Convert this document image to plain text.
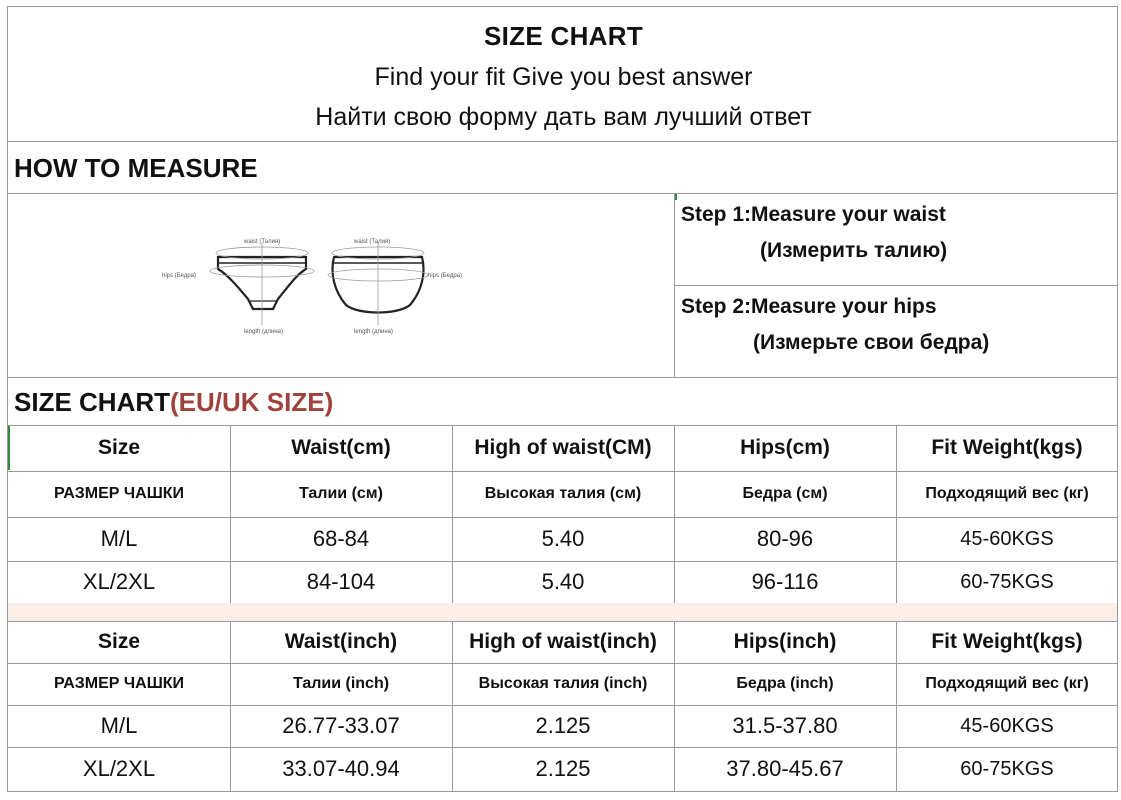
SIZE CHART
Find your fit Give you best answer
Найти свою форму дать вам лучший ответ
HOW TO MEASURE
waist (Талия)
hips (Бедра)
length (длина)
waist (Талия)
hips (Бедра)
length (длина)
Step 1:Measure your waist
(Измерить талию)
Step 2:Measure your hips
(Измерьте свои бедра)
SIZE CHART(EU/UK SIZE)
Size	Waist(cm)	High of waist(CM)	Hips(cm)	Fit Weight(kgs)
РАЗМЕР ЧАШКИ	Талии (см)	Высокая талия (см)	Бедра (см)	Подходящий вес (кг)
M/L	68-84	5.40	80-96	45-60KGS
XL/2XL	84-104	5.40	96-116	60-75KGS
Size	Waist(inch)	High of waist(inch)	Hips(inch)	Fit Weight(kgs)
РАЗМЕР ЧАШКИ	Талии (inch)	Высокая талия (inch)	Бедра (inch)	Подходящий вес (кг)
M/L	26.77-33.07	2.125	31.5-37.80	45-60KGS
XL/2XL	33.07-40.94	2.125	37.80-45.67	60-75KGS
